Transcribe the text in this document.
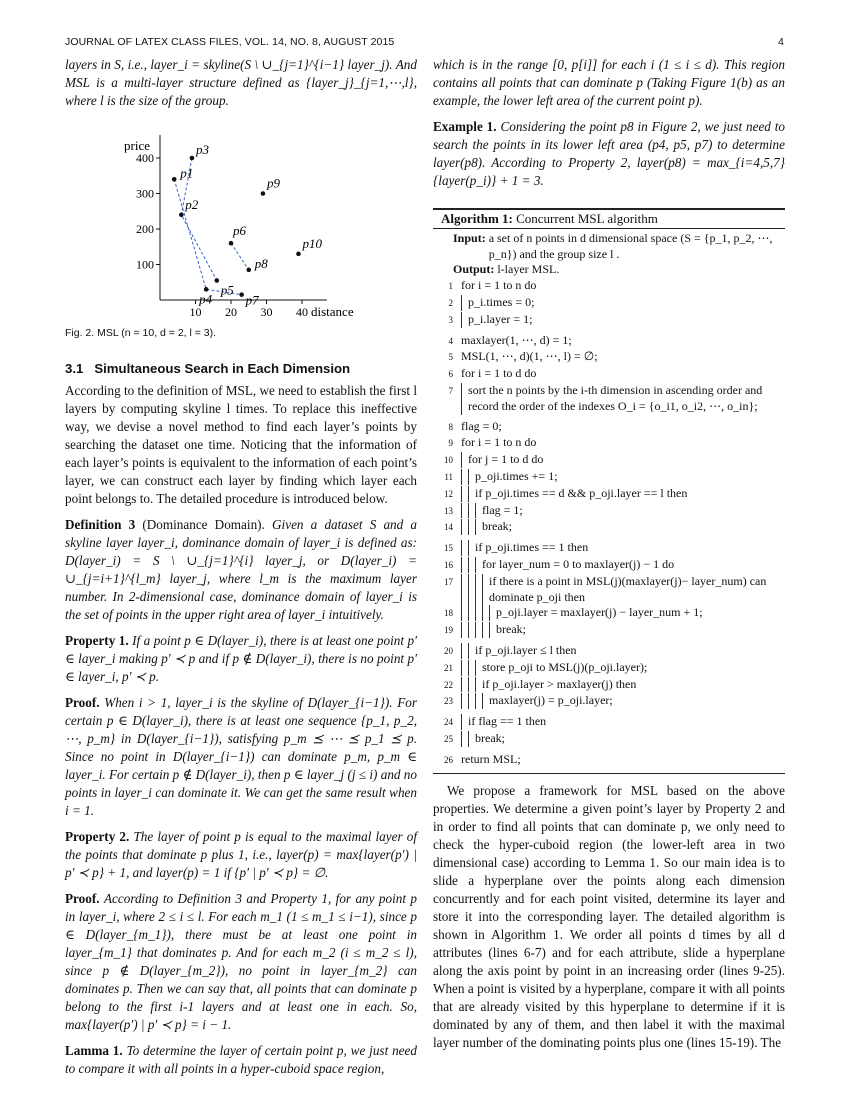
JOURNAL OF LATEX CLASS FILES, VOL. 14, NO. 8, AUGUST 2015	4

layers in S, i.e., layer_i = skyline(S \ ∪_{j=1}^{i−1} layer_j). And MSL is a multi-layer structure defined as {layer_j}_{j=1,⋯,l}, where l is the size of the group.

400
300
200
100
10 20 30 40
price
distance
p1
p2
p3
p4
p5
p6
p7
p8
p9
p10
Fig. 2. MSL (n = 10, d = 2, l = 3).
3.1 Simultaneous Search in Each Dimension

According to the definition of MSL, we need to establish the first l layers by computing skyline l times. To replace this ineffective way, we devise a novel method to find each layer’s points by searching the dataset one time. Noticing that the information of each layer’s points is equivalent to the information of each point’s layer, we can construct each layer by finding which layer each point belongs to. The detailed procedure is introduced below.

Definition 3 (Dominance Domain). Given a dataset S and a skyline layer layer_i, dominance domain of layer_i is defined as: D(layer_i) = S \ ∪_{j=1}^{i} layer_j, or D(layer_i) = ∪_{j=i+1}^{l_m} layer_j, where l_m is the maximum layer number. In 2-dimensional case, dominance domain of layer_i is the set of points in the upper right area of layer_i intuitively.

Property 1. If a point p ∈ D(layer_i), there is at least one point p′ ∈ layer_i making p′ ≺ p and if p ∉ D(layer_i), there is no point p′ ∈ layer_i, p′ ≺ p.

Proof. When i > 1, layer_i is the skyline of D(layer_{i−1}). For certain p ∈ D(layer_i), there is at least one sequence {p_1, p_2, ⋯, p_m} in D(layer_{i−1}), satisfying p_m ⪯ ⋯ ⪯ p_1 ⪯ p. Since no point in D(layer_{i−1}) can dominate p_m, p_m ∈ layer_i. For certain p ∉ D(layer_i), then p ∈ layer_j (j ≤ i) and no points in layer_i can dominate it. We can get the same result when i = 1.

Property 2. The layer of point p is equal to the maximal layer of the points that dominate p plus 1, i.e., layer(p) = max{layer(p′) | p′ ≺ p} + 1, and layer(p) = 1 if {p′ | p′ ≺ p} = ∅.

Proof. According to Definition 3 and Property 1, for any point p in layer_i, where 2 ≤ i ≤ l. For each m_1 (1 ≤ m_1 ≤ i−1), since p ∈ D(layer_{m_1}), there must be at least one point in layer_{m_1} that dominates p. And for each m_2 (i ≤ m_2 ≤ l), since p ∉ D(layer_{m_2}), no point in layer_{m_2} can dominates p. Then we can say that, all points that can dominate p belong to the first i-1 layers and at least one in each. So, max{layer(p′) | p′ ≺ p} = i − 1.

Lamma 1. To determine the layer of certain point p, we just need to compare it with all points in a hyper-cuboid space region,

which is in the range [0, p[i]] for each i (1 ≤ i ≤ d). This region contains all points that can dominate p (Taking Figure 1(b) as an example, the lower left area of the current point p).

Example 1. Considering the point p8 in Figure 2, we just need to search the points in its lower left area (p4, p5, p7) to determine layer(p8). According to Property 2, layer(p8) = max_{i=4,5,7} {layer(p_i)} + 1 = 3.

Algorithm 1: Concurrent MSL algorithm
Input:
a set of n points in d dimensional space (S = {p_1, p_2, ⋯, p_n}) and the group size l .
Output:
l-layer MSL.
1 for i = 1 to n do
2	p_i.times = 0;
3	p_i.layer = 1;
4 maxlayer(1, ⋯, d) = 1;
5 MSL(1, ⋯, d)(1, ⋯, l) = ∅;
6 for i = 1 to d do
7	sort the n points by the i-th dimension in ascending order and record the order of the indexes O_i = {o_i1, o_i2, ⋯, o_in};
8 flag = 0;
9 for i = 1 to n do
10	for j = 1 to d do
11	p_oji.times += 1;
12	if p_oji.times == d && p_oji.layer == l then
13	flag = 1;
14	break;
15	if p_oji.times == 1 then
16	for layer_num = 0 to maxlayer(j) − 1 do
17	if there is a point in MSL(j)(maxlayer(j)− layer_num) can dominate p_oji then
18	p_oji.layer = maxlayer(j) − layer_num + 1;
19	break;
20	if p_oji.layer ≤ l then
21	store p_oji to MSL(j)(p_oji.layer);
22	if p_oji.layer > maxlayer(j) then
23	maxlayer(j) = p_oji.layer;
24	if flag == 1 then
25	break;
26 return MSL;

We propose a framework for MSL based on the above properties. We determine a given point’s layer by Property 2 and in order to find all points that can dominate p, we only need to check the hyper-cuboid region (the lower-left area in two dimensional case) according to Lemma 1. So our main idea is to slide a hyperplane over the points along each dimension concurrently and for each point visited, determine its layer and store it into the corresponding layer. The detailed algorithm is shown in Algorithm 1. We order all points d times by all d attributes (lines 6-7) and for each attribute, slide a hyperplane along the axis point by point in an increasing order (lines 9-25). When a point is visited by a hyperplane, compare it with all points that are already visited by this hyperplane to determine if it is dominated by any of them, and then label it with the maximal layer number of the dominating points plus one (lines 15-19). The
